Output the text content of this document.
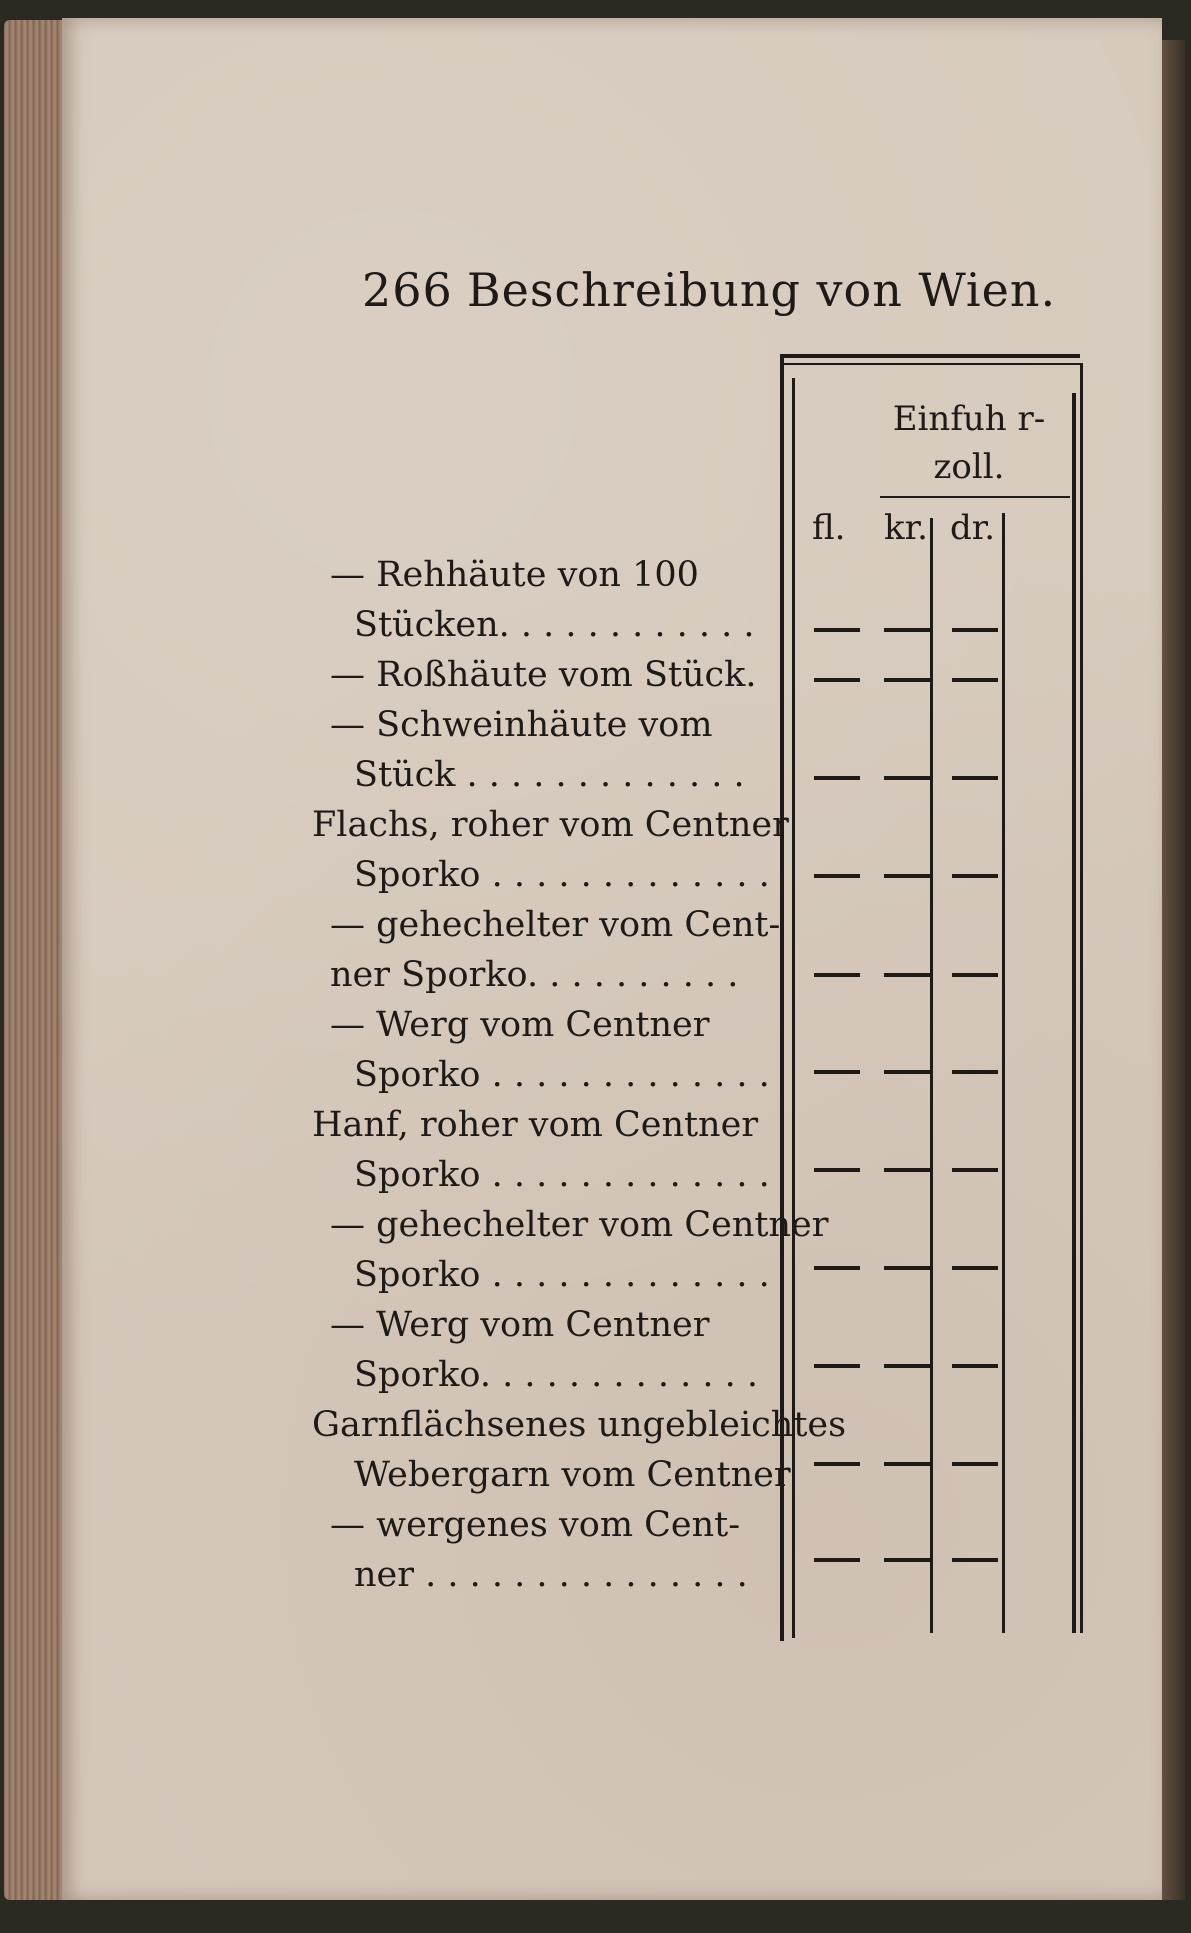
266 Beschreibung von Wien.
Einfuh r-
zoll.
fl. kr. dr.
— Rehhäute von 100
Stücken. . . . . . . . . . . .
— Roßhäute vom Stück.
— Schweinhäute vom
Stück . . . . . . . . . . . . .
Flachs, roher vom Centner
Sporko . . . . . . . . . . . . .
— gehechelter vom Cent-
ner Sporko. . . . . . . . . .
— Werg vom Centner
Sporko . . . . . . . . . . . . .
Hanf, roher vom Centner
Sporko . . . . . . . . . . . . .
— gehechelter vom Centner
Sporko . . . . . . . . . . . . .
— Werg vom Centner
Sporko. . . . . . . . . . . . .
Garnflächsenes ungebleichtes
Webergarn vom Centner
— wergenes vom Cent-
ner . . . . . . . . . . . . . . .
